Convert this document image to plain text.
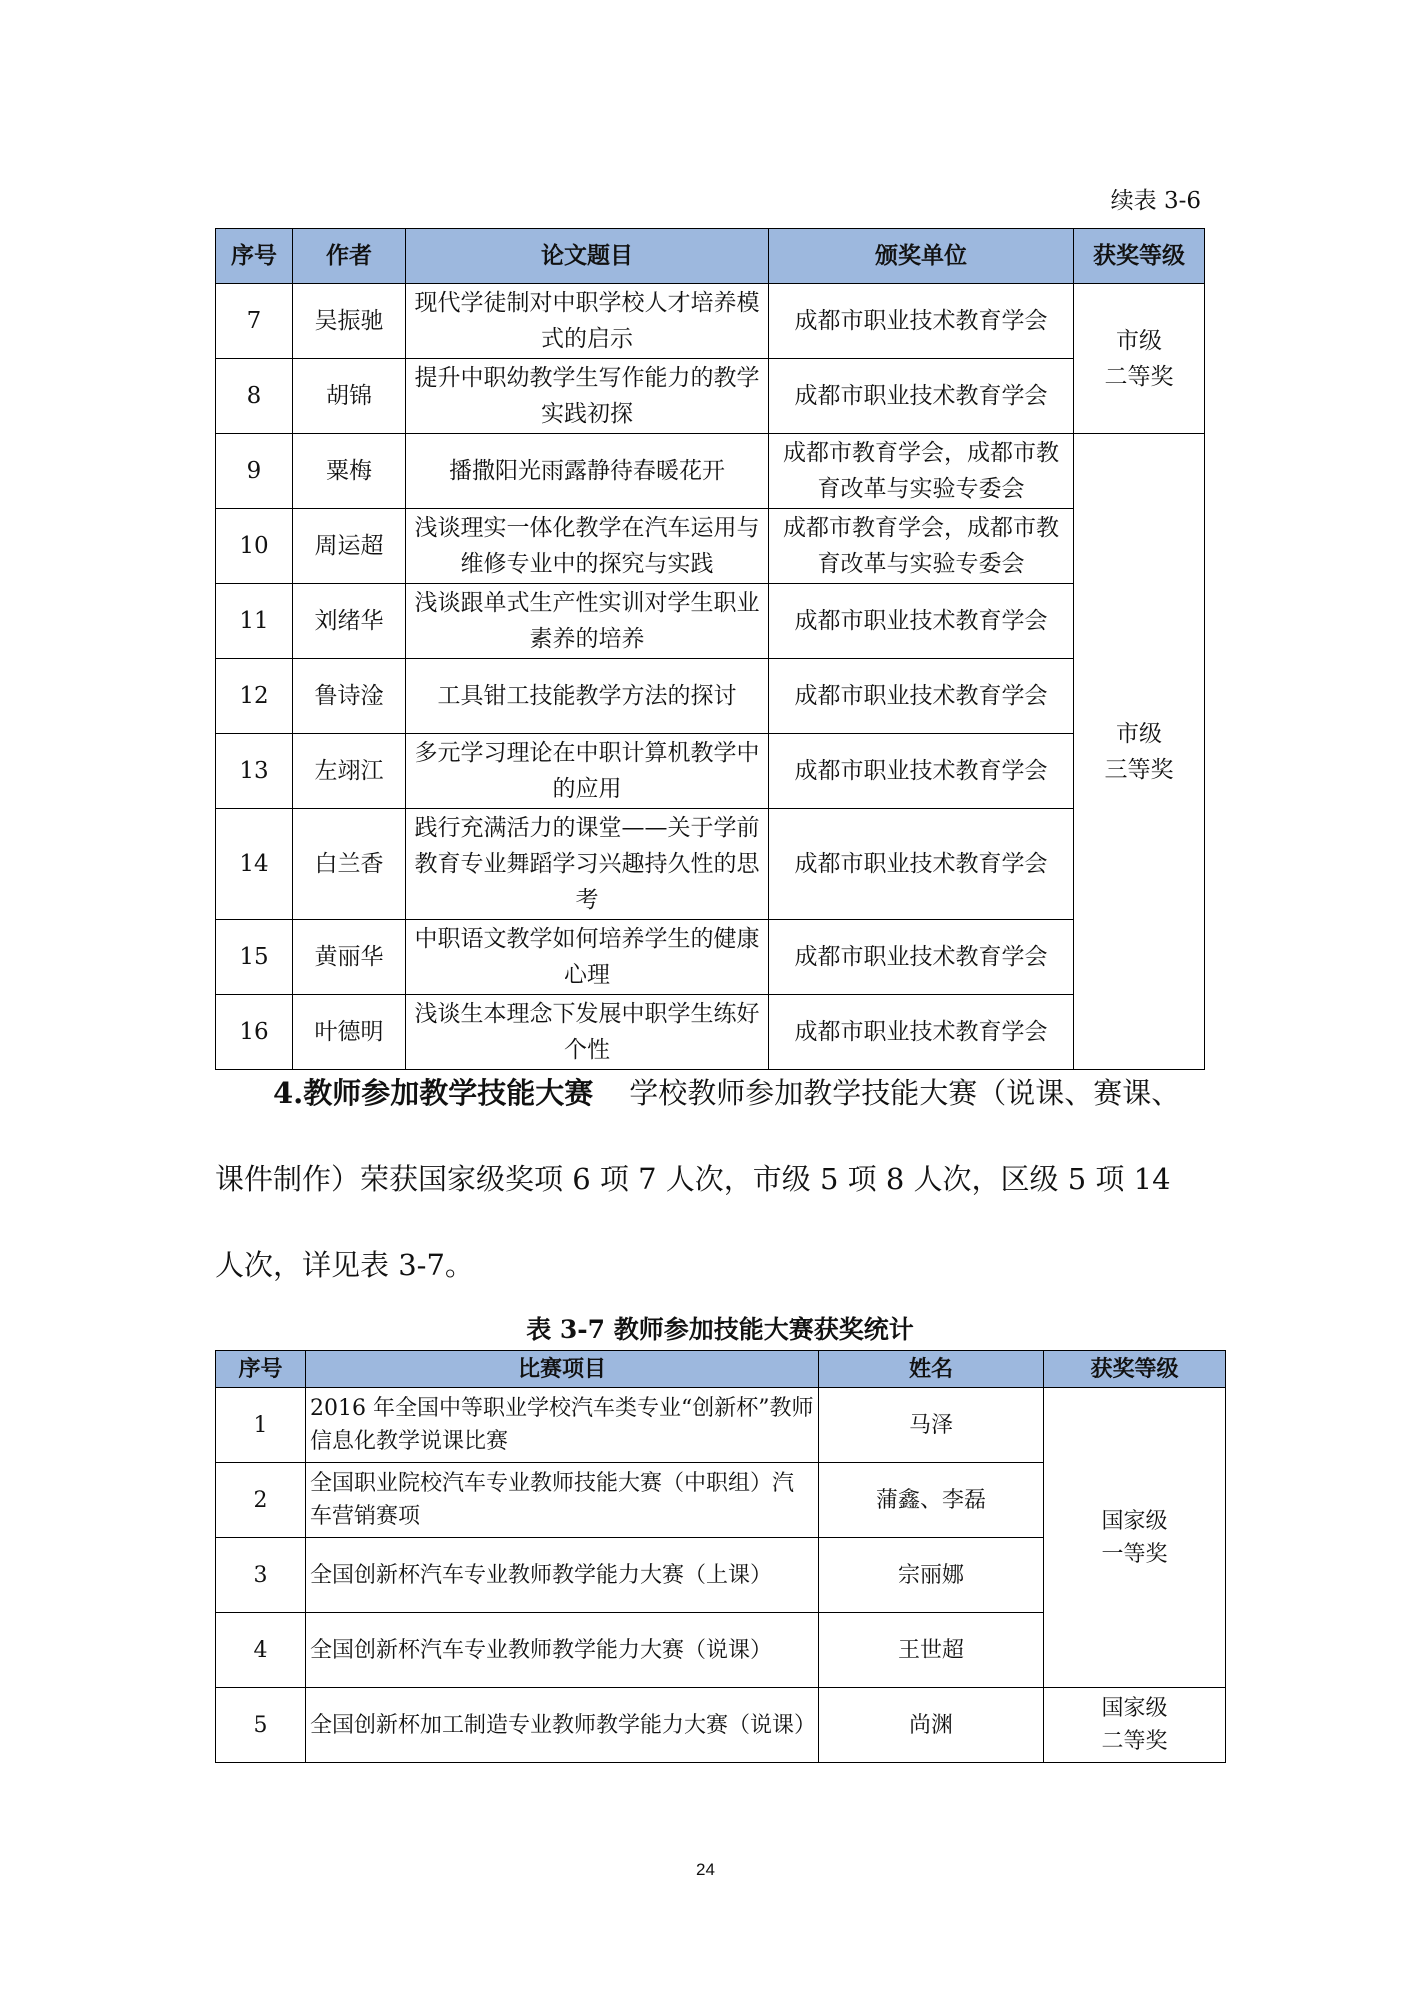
续表 3-6
序号	作者	论文题目	颁奖单位	获奖等级
7	吴振驰	现代学徒制对中职学校人才培养模式的启示	成都市职业技术教育学会	市级
二等奖

8	胡锦	提升中职幼教学生写作能力的教学实践初探	成都市职业技术教育学会	
9	粟梅	播撒阳光雨露静待春暖花开	成都市教育学会，成都市教育改革与实验专委会	市级
三等奖

10	周运超	浅谈理实一体化教学在汽车运用与维修专业中的探究与实践	成都市教育学会，成都市教育改革与实验专委会	
11	刘绪华	浅谈跟单式生产性实训对学生职业素养的培养	成都市职业技术教育学会	
12	鲁诗淦	工具钳工技能教学方法的探讨	成都市职业技术教育学会	
13	左翊江	多元学习理论在中职计算机教学中的应用	成都市职业技术教育学会	
14	白兰香	践行充满活力的课堂——关于学前教育专业舞蹈学习兴趣持久性的思考	成都市职业技术教育学会	
15	黄丽华	中职语文教学如何培养学生的健康心理	成都市职业技术教育学会	
16	叶德明	浅谈生本理念下发展中职学生练好个性	成都市职业技术教育学会	
4.教师参加教学技能大赛 学校教师参加教学技能大赛（说课、赛课、课件制作）荣获国家级奖项 6 项 7 人次，市级 5 项 8 人次，区级 5 项 14 人次，详见表 3-7。
表 3-7 教师参加技能大赛获奖统计
序号	比赛项目	姓名	获奖等级
1	2016 年全国中等职业学校汽车类专业“创新杯”教师信息化教学说课比赛	马泽	国家级
一等奖

2	全国职业院校汽车专业教师技能大赛（中职组）汽车营销赛项	蒲鑫、李磊	
3	全国创新杯汽车专业教师教学能力大赛（上课）	宗丽娜	
4	全国创新杯汽车专业教师教学能力大赛（说课）	王世超	
5	全国创新杯加工制造专业教师教学能力大赛（说课）	尚渊	国家级
二等奖
24
